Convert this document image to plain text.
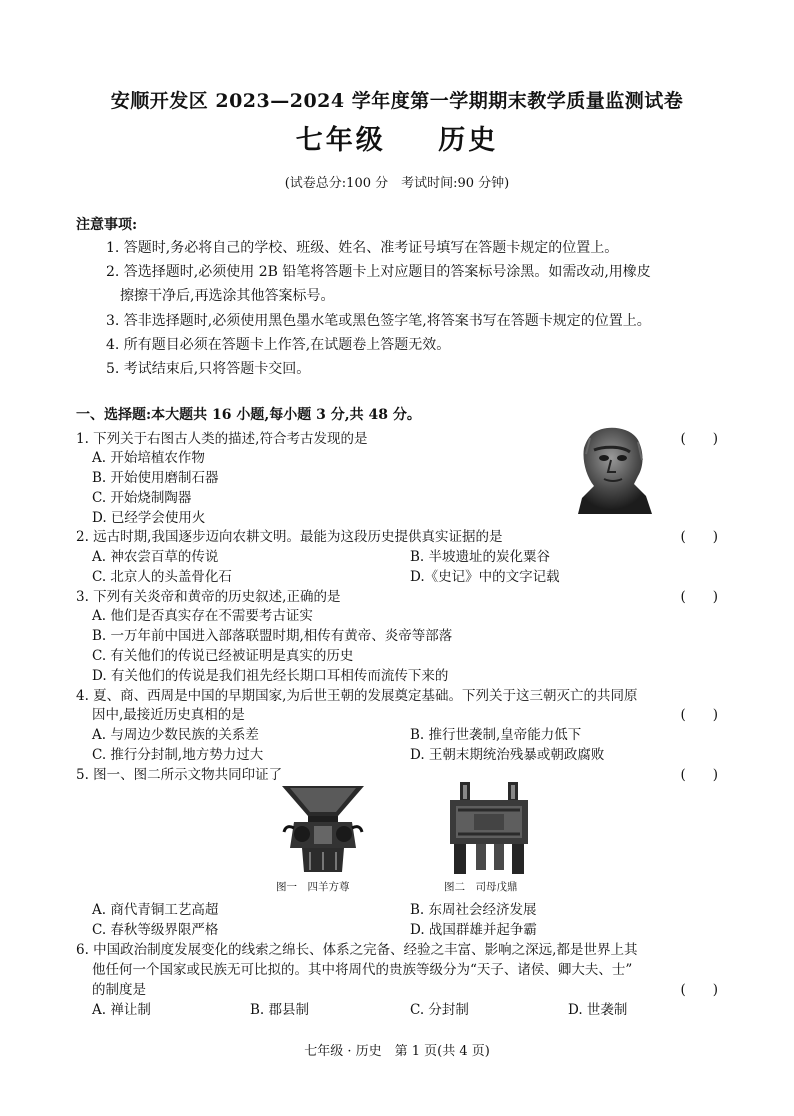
安顺开发区 2023—2024 学年度第一学期期末教学质量监测试卷
七年级 历史
(试卷总分:100 分　考试时间:90 分钟)
注意事项:
1. 答题时,务必将自己的学校、班级、姓名、准考证号填写在答题卡规定的位置上。
2. 答选择题时,必须使用 2B 铅笔将答题卡上对应题目的答案标号涂黑。如需改动,用橡皮
擦擦干净后,再选涂其他答案标号。
3. 答非选择题时,必须使用黑色墨水笔或黑色签字笔,将答案书写在答题卡规定的位置上。
4. 所有题目必须在答题卡上作答,在试题卷上答题无效。
5. 考试结束后,只将答题卡交回。
一、选择题:本大题共 16 小题,每小题 3 分,共 48 分。
1. 下列关于右图古人类的描述,符合考古发现的是	(　　)
A. 开始培植农作物
B. 开始使用磨制石器
C. 开始烧制陶器
D. 已经学会使用火
2. 远古时期,我国逐步迈向农耕文明。最能为这段历史提供真实证据的是	(　　)
A. 神农尝百草的传说	B. 半坡遗址的炭化粟谷
C. 北京人的头盖骨化石	D.《史记》中的文字记载
3. 下列有关炎帝和黄帝的历史叙述,正确的是	(　　)
A. 他们是否真实存在不需要考古证实
B. 一万年前中国进入部落联盟时期,相传有黄帝、炎帝等部落
C. 有关他们的传说已经被证明是真实的历史
D. 有关他们的传说是我们祖先经长期口耳相传而流传下来的
4. 夏、商、西周是中国的早期国家,为后世王朝的发展奠定基础。下列关于这三朝灭亡的共同原
因中,最接近历史真相的是	(　　)
A. 与周边少数民族的关系差	B. 推行世袭制,皇帝能力低下
C. 推行分封制,地方势力过大	D. 王朝末期统治残暴或朝政腐败
5. 图一、图二所示文物共同印证了	(　　)
图一　四羊方尊	图二　司母戊鼎
A. 商代青铜工艺高超	B. 东周社会经济发展
C. 春秋等级界限严格	D. 战国群雄并起争霸
6. 中国政治制度发展变化的线索之绵长、体系之完备、经验之丰富、影响之深远,都是世界上其
他任何一个国家或民族无可比拟的。其中将周代的贵族等级分为“天子、诸侯、卿大夫、士”
的制度是	(　　)
A. 禅让制	B. 郡县制	C. 分封制	D. 世袭制
七年级 · 历史　第 1 页(共 4 页)
